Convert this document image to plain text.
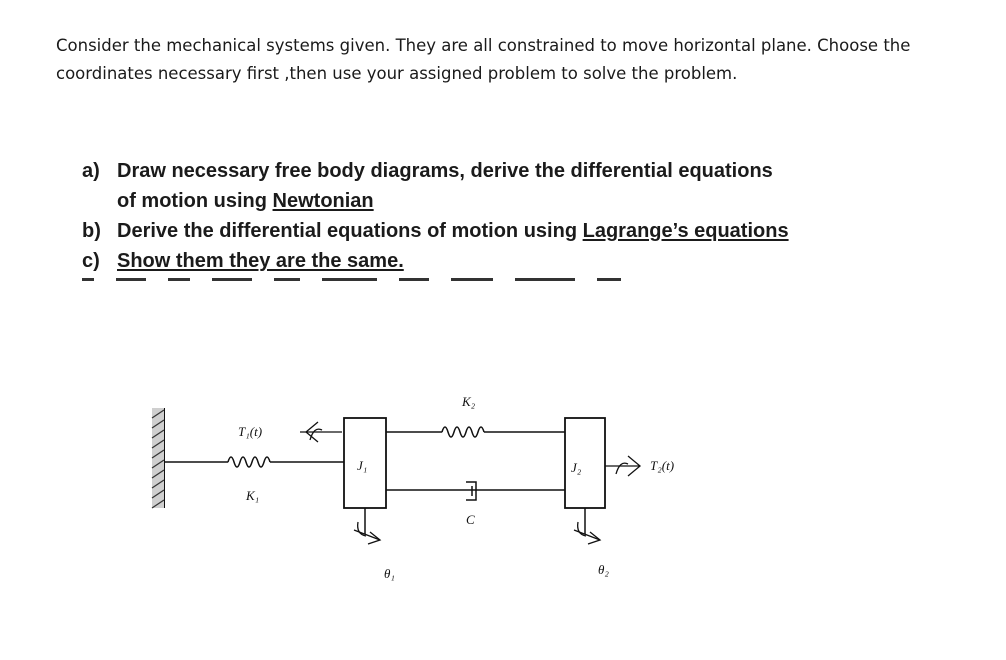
Consider the mechanical systems given. They are all constrained to move horizontal plane. Choose the
coordinates necessary first ,then use your assigned problem to solve the problem.
a) Draw necessary free body diagrams, derive the differential equations
of motion using Newtonian
b) Derive the differential equations of motion using Lagrange’s equations
c) Show them they are the same.
T₁(t)
K₁
J₁
θ₁
K₂
C
J₂	T₂(t)
θ₂
